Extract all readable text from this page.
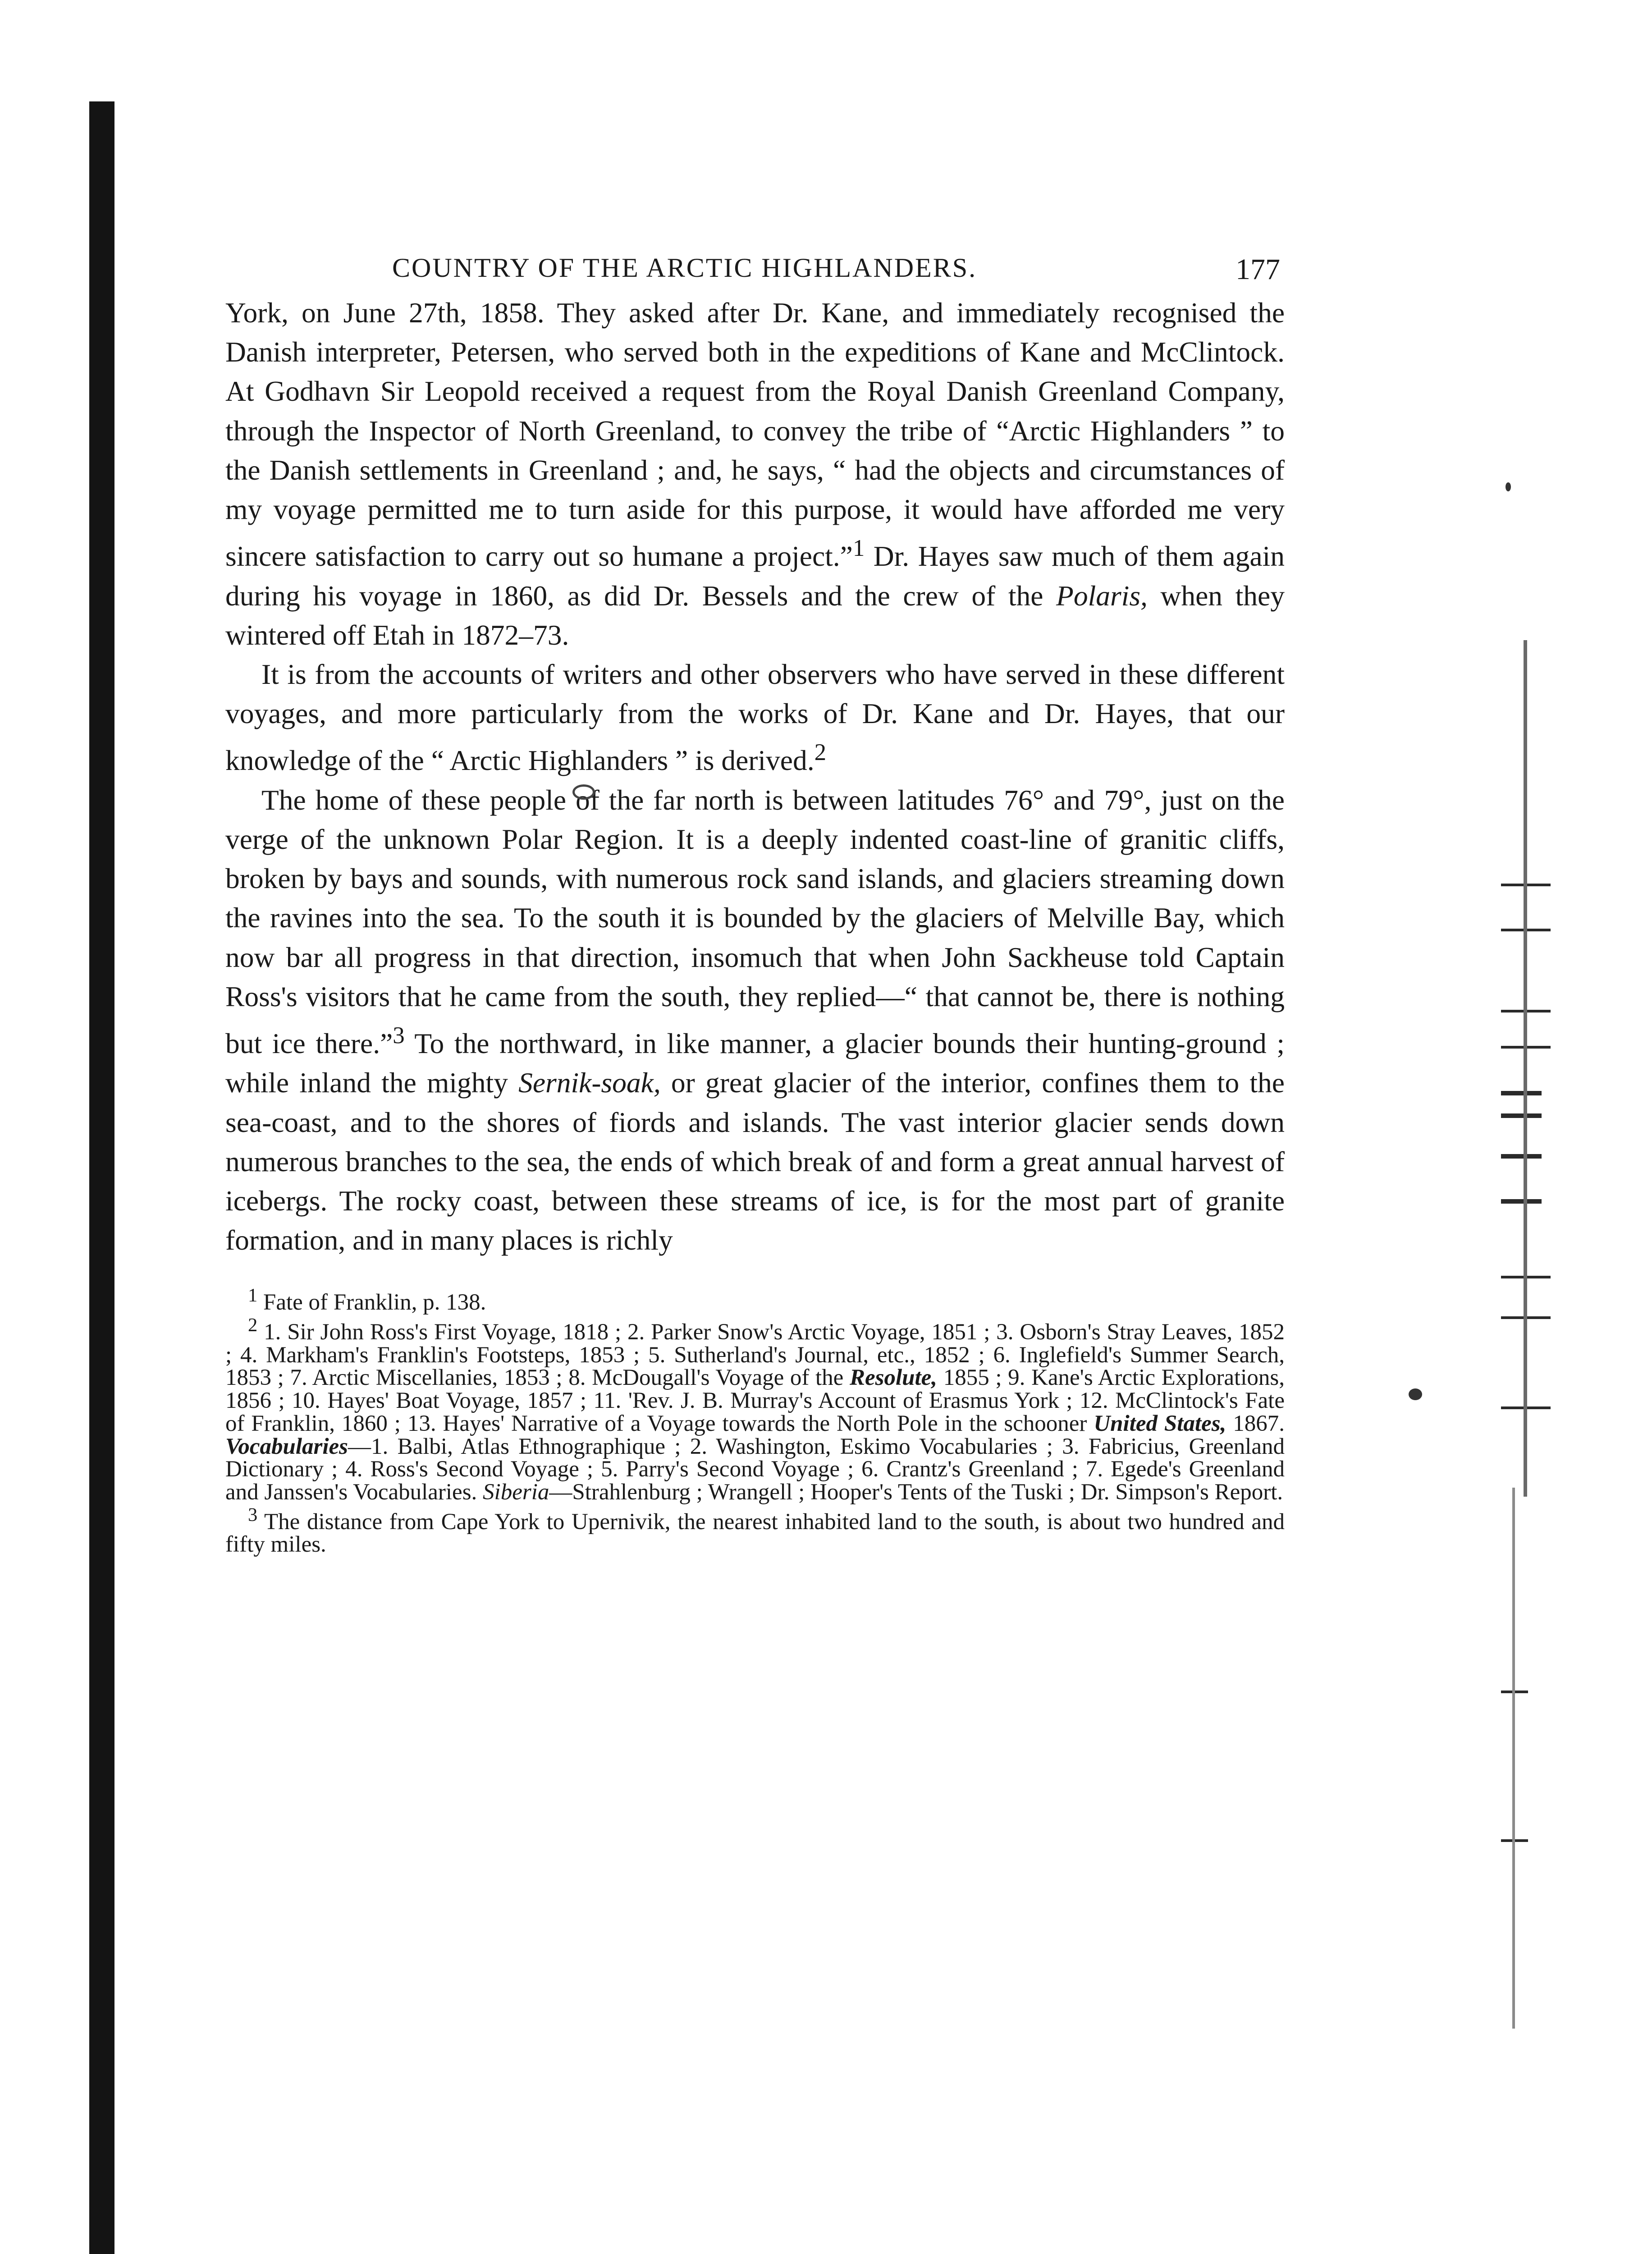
COUNTRY OF THE ARCTIC HIGHLANDERS.	177

York, on June 27th, 1858. They asked after Dr. Kane, and immediately recognised the Danish interpreter, Petersen, who served both in the expeditions of Kane and McClintock. At Godhavn Sir Leopold received a request from the Royal Danish Greenland Company, through the Inspector of North Greenland, to convey the tribe of “Arctic Highlanders ” to the Danish settlements in Greenland ; and, he says, “ had the objects and circumstances of my voyage permitted me to turn aside for this purpose, it would have afforded me very sincere satisfaction to carry out so humane a project.”$^1$ Dr. Hayes saw much of them again during his voyage in 1860, as did Dr. Bessels and the crew of the Polaris, when they wintered off Etah in 1872–73.

It is from the accounts of writers and other observers who have served in these different voyages, and more particularly from the works of Dr. Kane and Dr. Hayes, that our knowledge of the “ Arctic Highlanders ” is derived.$^2$

The home of these people of the far north is between latitudes 76° and 79°, just on the verge of the unknown Polar Region. It is a deeply indented coast-line of granitic cliffs, broken by bays and sounds, with numerous rock sand islands, and glaciers streaming down the ravines into the sea. To the south it is bounded by the glaciers of Melville Bay, which now bar all progress in that direction, insomuch that when John Sackheuse told Captain Ross's visitors that he came from the south, they replied—“ that cannot be, there is nothing but ice there.”$^3$ To the northward, in like manner, a glacier bounds their hunting-ground ; while inland the mighty Sernik-soak, or great glacier of the interior, confines them to the sea-coast, and to the shores of fiords and islands. The vast interior glacier sends down numerous branches to the sea, the ends of which break of and form a great annual harvest of icebergs. The rocky coast, between these streams of ice, is for the most part of granite formation, and in many places is richly

$^1$ Fate of Franklin, p. 138.

$^2$ 1. Sir John Ross's First Voyage, 1818 ; 2. Parker Snow's Arctic Voyage, 1851 ; 3. Osborn's Stray Leaves, 1852 ; 4. Markham's Franklin's Footsteps, 1853 ; 5. Sutherland's Journal, etc., 1852 ; 6. Inglefield's Summer Search, 1853 ; 7. Arctic Miscellanies, 1853 ; 8. McDougall's Voyage of the Resolute, 1855 ; 9. Kane's Arctic Explorations, 1856 ; 10. Hayes' Boat Voyage, 1857 ; 11. 'Rev. J. B. Murray's Account of Erasmus York ; 12. McClintock's Fate of Franklin, 1860 ; 13. Hayes' Narrative of a Voyage towards the North Pole in the schooner United States, 1867. Vocabularies—1. Balbi, Atlas Ethnographique ; 2. Washington, Eskimo Vocabularies ; 3. Fabricius, Greenland Dictionary ; 4. Ross's Second Voyage ; 5. Parry's Second Voyage ; 6. Crantz's Greenland ; 7. Egede's Greenland and Janssen's Vocabularies. Siberia—Strahlenburg ; Wrangell ; Hooper's Tents of the Tuski ; Dr. Simpson's Report.

$^3$ The distance from Cape York to Upernivik, the nearest inhabited land to the south, is about two hundred and fifty miles.
